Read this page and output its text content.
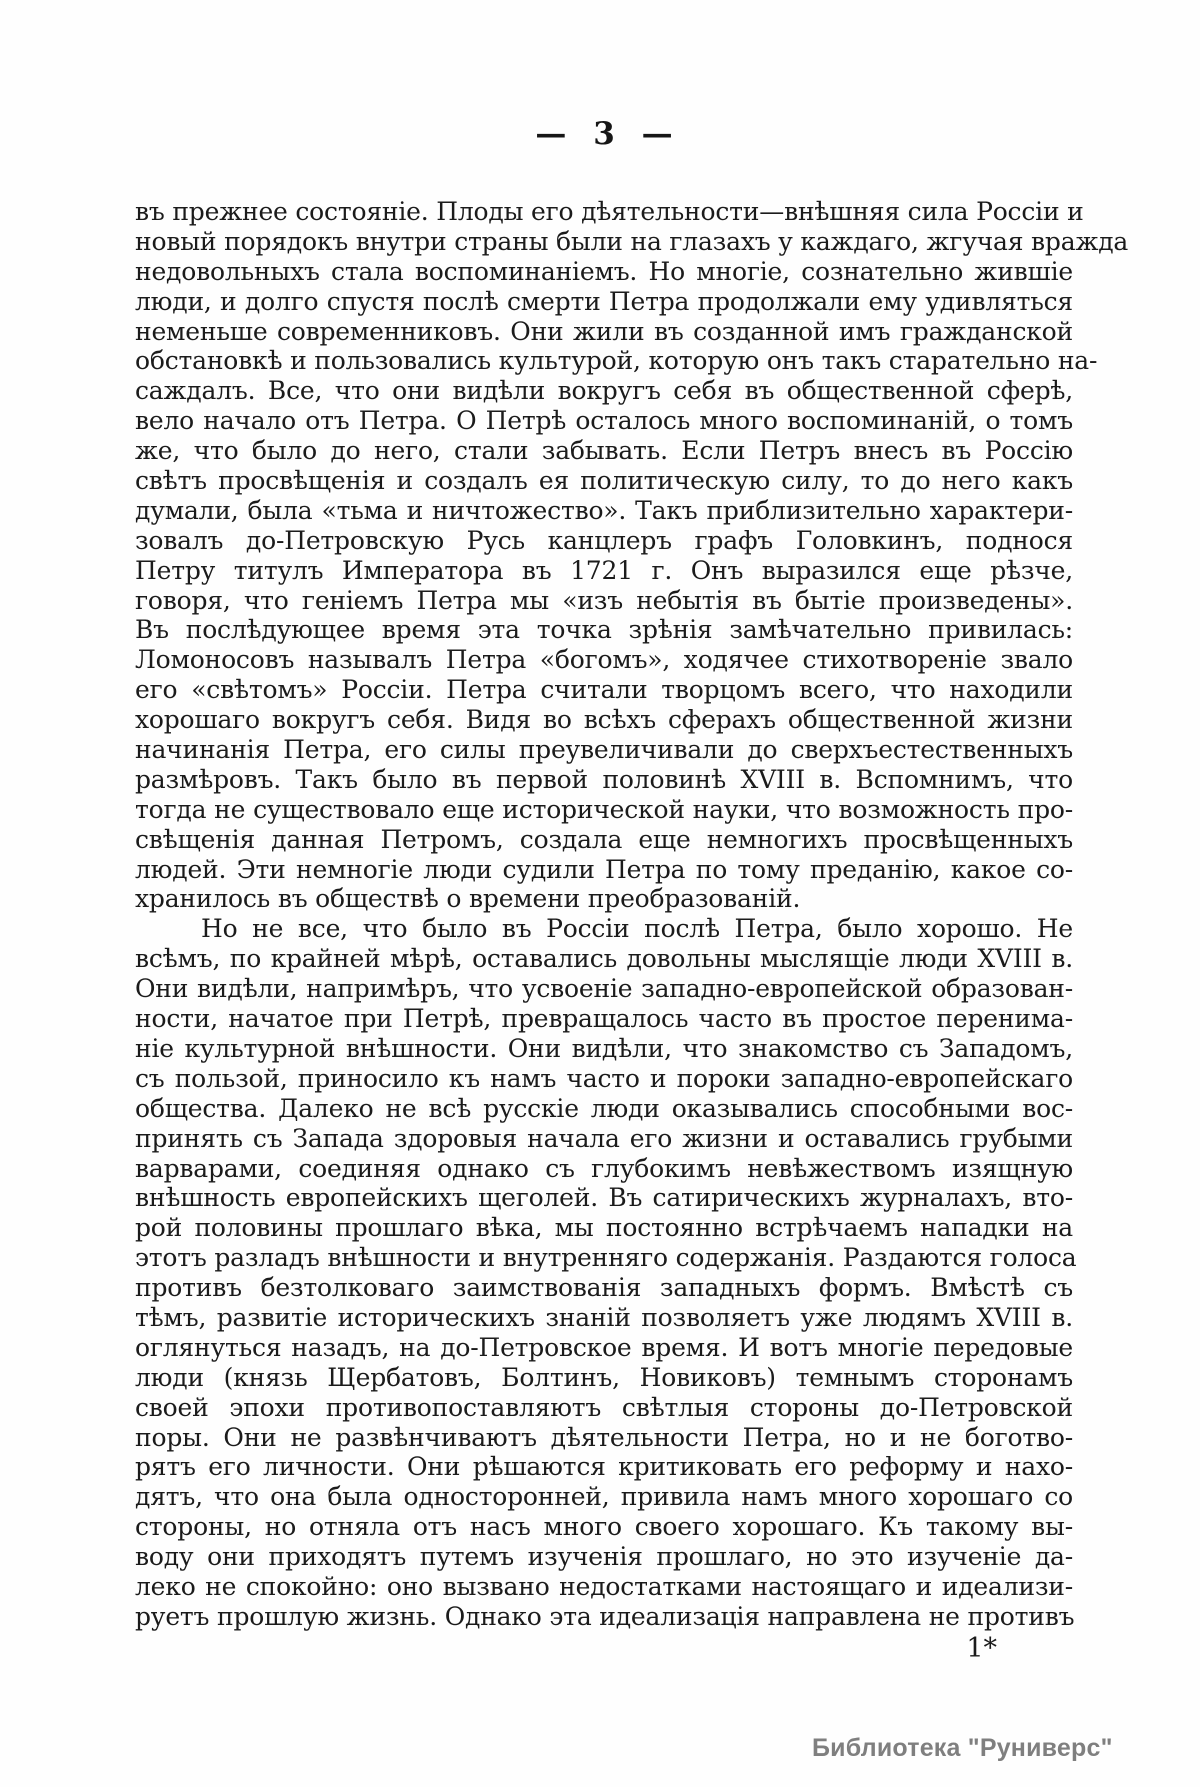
— 3 —
въ прежнее состояніе. Плоды его дѣятельности—внѣшняя сила Россіи и
новый порядокъ внутри страны были на глазахъ у каждаго, жгучая вражда
недовольныхъ стала воспоминаніемъ. Но многіе, сознательно жившіе
люди, и долго спустя послѣ смерти Петра продолжали ему удивляться
неменьше современниковъ. Они жили въ созданной имъ гражданской
обстановкѣ и пользовались культурой, которую онъ такъ старательно на-
саждалъ. Все, что они видѣли вокругъ себя въ общественной сферѣ,
вело начало отъ Петра. О Петрѣ осталось много воспоминаній, о томъ
же, что было до него, стали забывать. Если Петръ внесъ въ Россію
свѣтъ просвѣщенія и создалъ ея политическую силу, то до него какъ
думали, была «тьма и ничтожество». Такъ приблизительно характери-
зовалъ до-Петровскую Русь канцлеръ графъ Головкинъ, поднося
Петру титулъ Императора въ 1721 г. Онъ выразился еще рѣзче,
говоря, что геніемъ Петра мы «изъ небытія въ бытіе произведены».
Въ послѣдующее время эта точка зрѣнія замѣчательно привилась:
Ломоносовъ называлъ Петра «богомъ», ходячее стихотвореніе звало
его «свѣтомъ» Россіи. Петра считали творцомъ всего, что находили
хорошаго вокругъ себя. Видя во всѣхъ сферахъ общественной жизни
начинанія Петра, его силы преувеличивали до сверхъестественныхъ
размѣровъ. Такъ было въ первой половинѣ XVIII в. Вспомнимъ, что
тогда не существовало еще исторической науки, что возможность про-
свѣщенія данная Петромъ, создала еще немногихъ просвѣщенныхъ
людей. Эти немногіе люди судили Петра по тому преданію, какое со-
хранилось въ обществѣ о времени преобразованій.
Но не все, что было въ Россіи послѣ Петра, было хорошо. Не
всѣмъ, по крайней мѣрѣ, оставались довольны мыслящіе люди XVIII в.
Они видѣли, напримѣръ, что усвоеніе западно-европейской образован-
ности, начатое при Петрѣ, превращалось часто въ простое перенима-
ніе культурной внѣшности. Они видѣли, что знакомство съ Западомъ,
съ пользой, приносило къ намъ часто и пороки западно-европейскаго
общества. Далеко не всѣ русскіе люди оказывались способными вос-
принять съ Запада здоровыя начала его жизни и оставались грубыми
варварами, соединяя однако съ глубокимъ невѣжествомъ изящную
внѣшность европейскихъ щеголей. Въ сатирическихъ журналахъ, вто-
рой половины прошлаго вѣка, мы постоянно встрѣчаемъ нападки на
этотъ разладъ внѣшности и внутренняго содержанія. Раздаются голоса
противъ безтолковаго заимствованія западныхъ формъ. Вмѣстѣ съ
тѣмъ, развитіе историческихъ знаній позволяетъ уже людямъ XVIII в.
оглянуться назадъ, на до-Петровское время. И вотъ многіе передовые
люди (князь Щербатовъ, Болтинъ, Новиковъ) темнымъ сторонамъ
своей эпохи противопоставляютъ свѣтлыя стороны до-Петровской
поры. Они не развѣнчиваютъ дѣятельности Петра, но и не боготво-
рятъ его личности. Они рѣшаются критиковать его реформу и нахо-
дятъ, что она была односторонней, привила намъ много хорошаго со
стороны, но отняла отъ насъ много своего хорошаго. Къ такому вы-
воду они приходятъ путемъ изученія прошлаго, но это изученіе да-
леко не спокойно: оно вызвано недостатками настоящаго и идеализи-
руетъ прошлую жизнь. Однако эта идеализація направлена не противъ
1*
Библиотека "Руниверс"
